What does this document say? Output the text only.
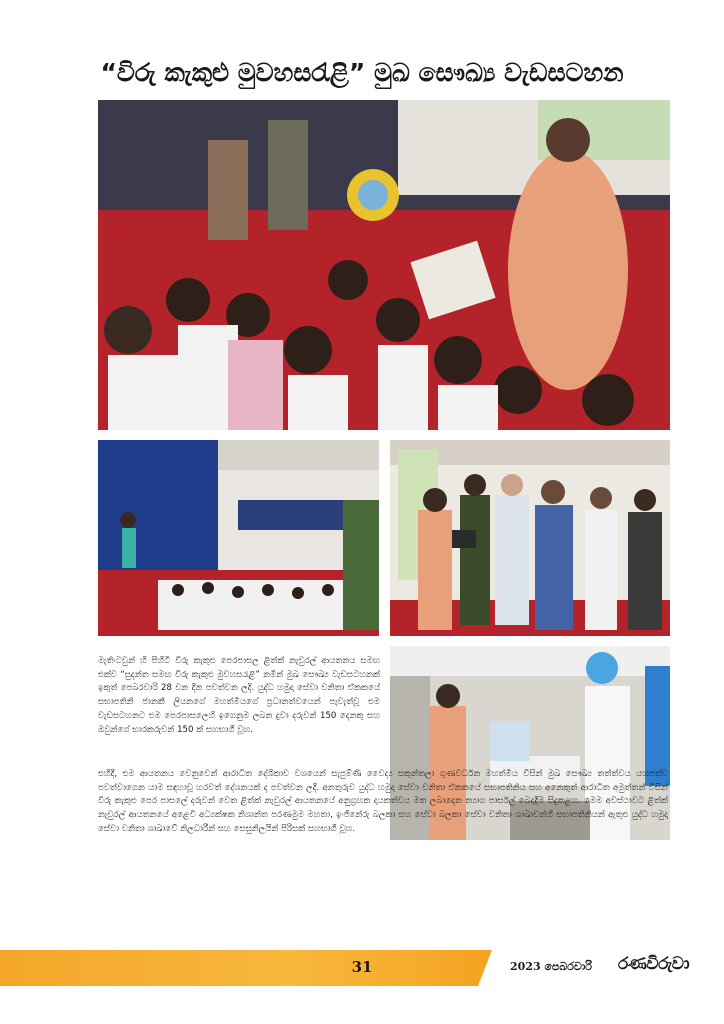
“විරු කැකුළු මුවහසරැළි” මුඛ සෞඛ්‍ය වැඩසටහන

මැතිංටවුන් හි පිහිටි විරු කැකුළු පෙරපාසල ළිත්ක් නැවුරල් ආයතනය සමඟ එක්ව “සුදන්ත සමඟ විරු කැකුළු මුවහසරැළි” නමින් මුඛ සෞඛ්‍ය වැඩසටහනක් ඉකුත් පෙබරවාරි 28 වන දින පවත්වන ලදි. යුද්ධ හමුදා සේවා වනිතා ඒකකයේ සභාපතිනි ජානකී ලියනගේ මහත්මියගේ ප්‍රධානත්වයෙන් පැවැත්වූ එම වැඩසටහනට එම පෙරපාසලෙහි ඉගෙනුම ලබන දුවා දරුවන් 150 දෙනකු සහ ඔවුන්ගේ භාරකරුවන් 150 ක් සහභාගී වූහ.

එහිදී, එම ආයතනය වෙනුවෙන් ආරාධිත දේශිකාව වශයෙන් සැපුම්ණි වෛද්‍ය සකුන්තලා ගුණවර්ධන මහත්මිය විසින් මුඛ සෞඛ්‍ය තත්ත්වය යහපත්ව පවත්වාගෙන යාම සඳහාවූ හරවත් දේශනයක් ද පවත්වන ලදී. අනතුරුව යුද්ධ හමුදා සේවා වනිතා ඒකකයේ සභාපතිනිය සහ අනෙකුත් ආරාධිත අමුත්තන් විසින් විරු කැකුළු පෙර පාසලේ දරුවන් වෙත ළිත්ක් නැවුරල් ආයතනයේ අනුග්‍රහක දායකත්වය මත ලබාදෙන ත්‍යාග පාර්සල් බෙදාදීම සිදුකළහ. මෙම අවස්ථාවට ළිත්ක් නැවුරල් ආයතනයේ අළෙවි අධ්‍යක්ෂක නිශාන්ත පරණමුම මහතා, ඉංජිනේරු බලකා සහ සේවා බලකා සේවා වනිතා ශාඛාවන්හි සභාපතිනියන් ඇතුළු යුද්ධ හමුදා සේවා වනිතා ශාඛාවේ නිලධාරීන් සහ සෙසුනිලයින් පිරිසක් සහභාගී වූහ.

31	2023 පෙබරවාරි රණවිරුවා
